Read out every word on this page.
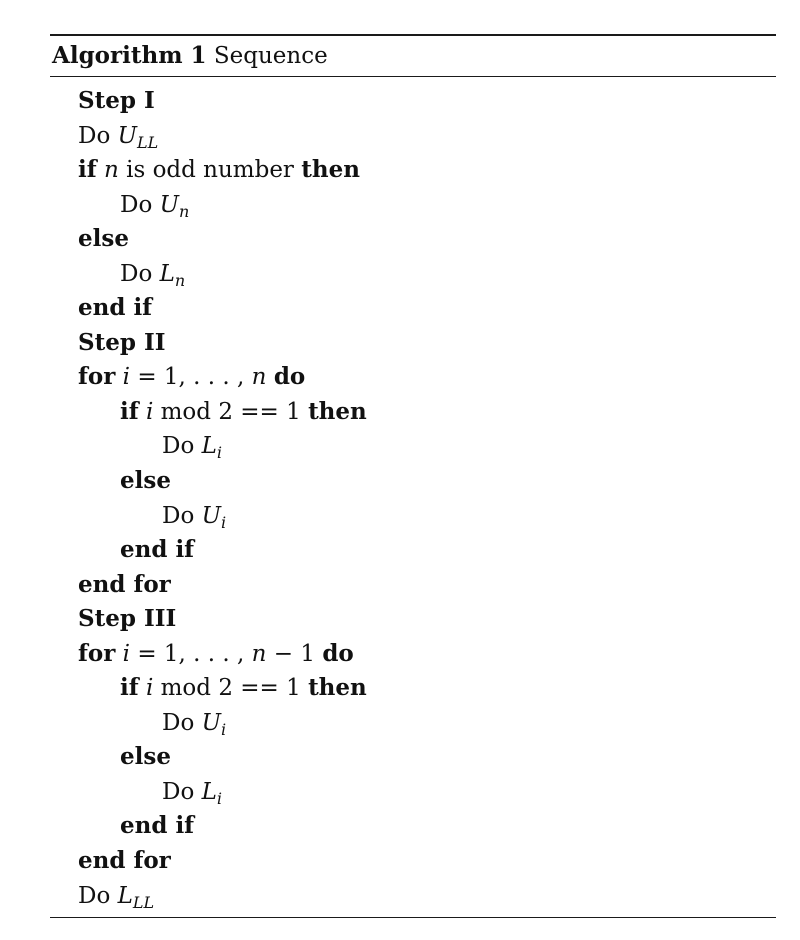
Algorithm 1 Sequence
Step I
Do $U_{LL}$
if n is odd number then
Do $U_n$
else
Do $L_n$
end if
Step II
for i = 1, . . . , n do
if i mod 2 == 1 then
Do $L_i$
else
Do $U_i$
end if
end for
Step III
for i = 1, . . . , n − 1 do
if i mod 2 == 1 then
Do $U_i$
else
Do $L_i$
end if
end for
Do $L_{LL}$
